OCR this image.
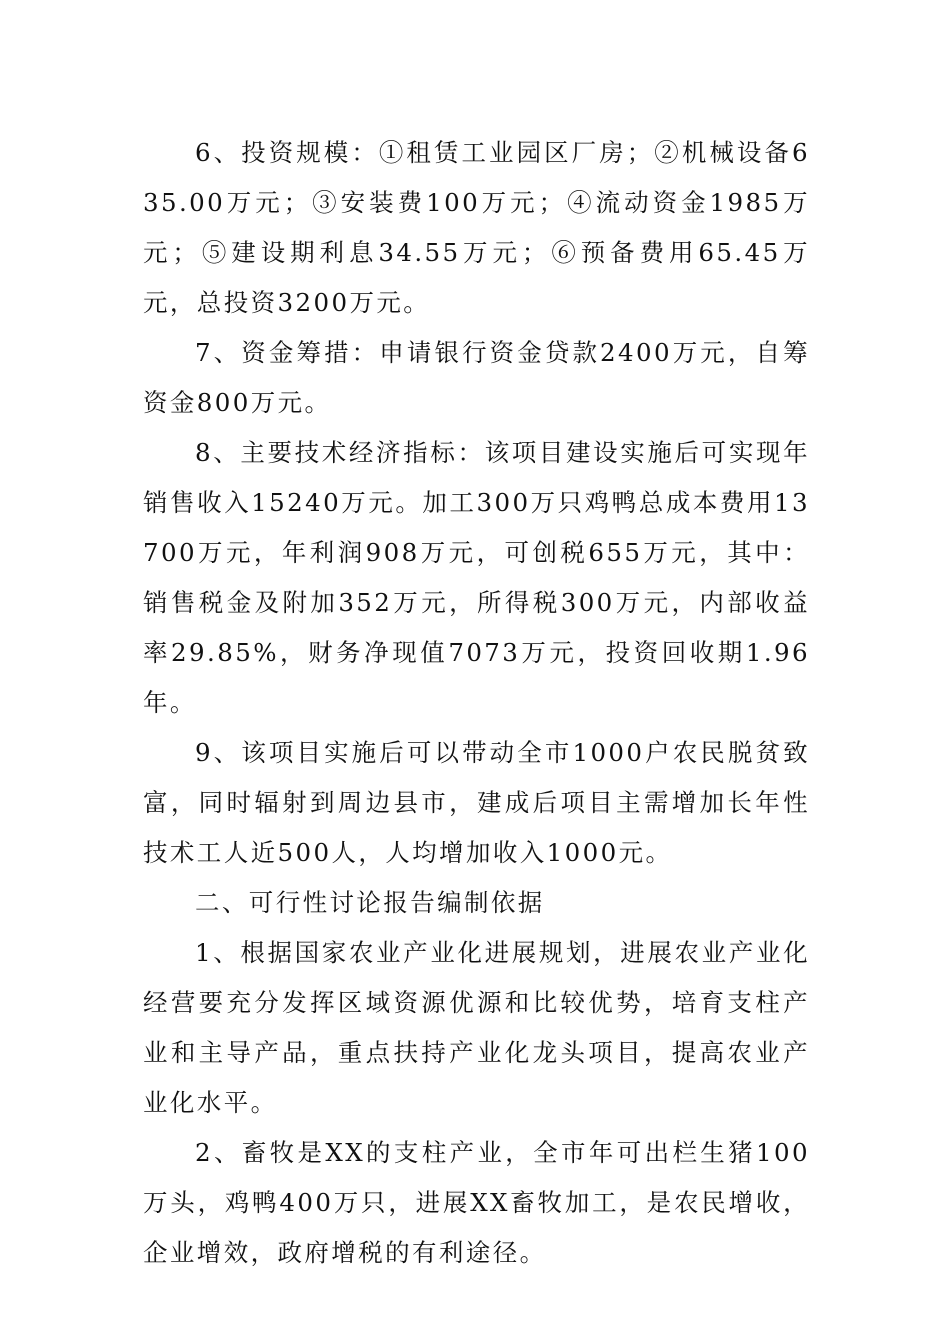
6、投资规模：①租赁工业园区厂房；②机械设备635.00万元；③安装费100万元；④流动资金1985万元；⑤建设期利息34.55万元；⑥预备费用65.45万元，总投资3200万元。

7、资金筹措：申请银行资金贷款2400万元，自筹资金800万元。

8、主要技术经济指标：该项目建设实施后可实现年销售收入15240万元。加工300万只鸡鸭总成本费用13700万元，年利润908万元，可创税655万元，其中：销售税金及附加352万元，所得税300万元，内部收益率29.85%，财务净现值7073万元，投资回收期1.96年。

9、该项目实施后可以带动全市1000户农民脱贫致富，同时辐射到周边县市，建成后项目主需增加长年性技术工人近500人，人均增加收入1000元。

二、可行性讨论报告编制依据

1、根据国家农业产业化进展规划，进展农业产业化经营要充分发挥区域资源优源和比较优势，培育支柱产业和主导产品，重点扶持产业化龙头项目，提高农业产业化水平。

2、畜牧是XX的支柱产业，全市年可出栏生猪100万头，鸡鸭400万只，进展XX畜牧加工，是农民增收，企业增效，政府增税的有利途径。
